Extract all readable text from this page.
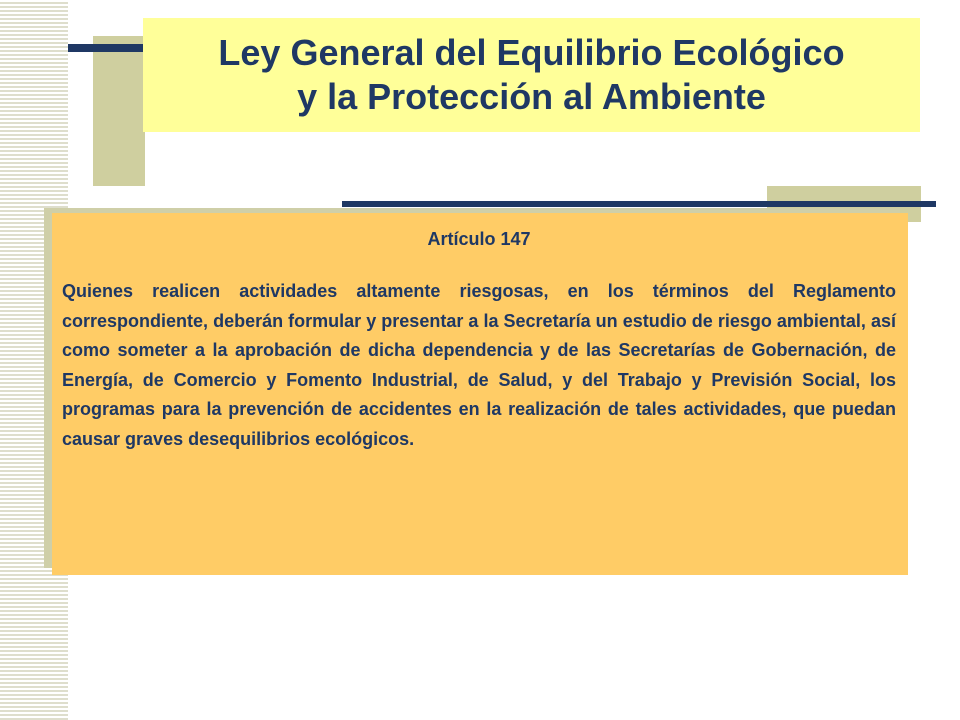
Ley General del Equilibrio Ecológico
y la Protección al Ambiente

Artículo 147

Quienes realicen actividades altamente riesgosas, en los términos del Reglamento correspondiente, deberán formular y presentar a la Secretaría un estudio de riesgo ambiental, así como someter a la aprobación de dicha dependencia y de las Secretarías de Gobernación, de Energía, de Comercio y Fomento Industrial, de Salud, y del Trabajo y Previsión Social, los programas para la prevención de accidentes en la realización de tales actividades, que puedan causar graves desequilibrios ecológicos.
